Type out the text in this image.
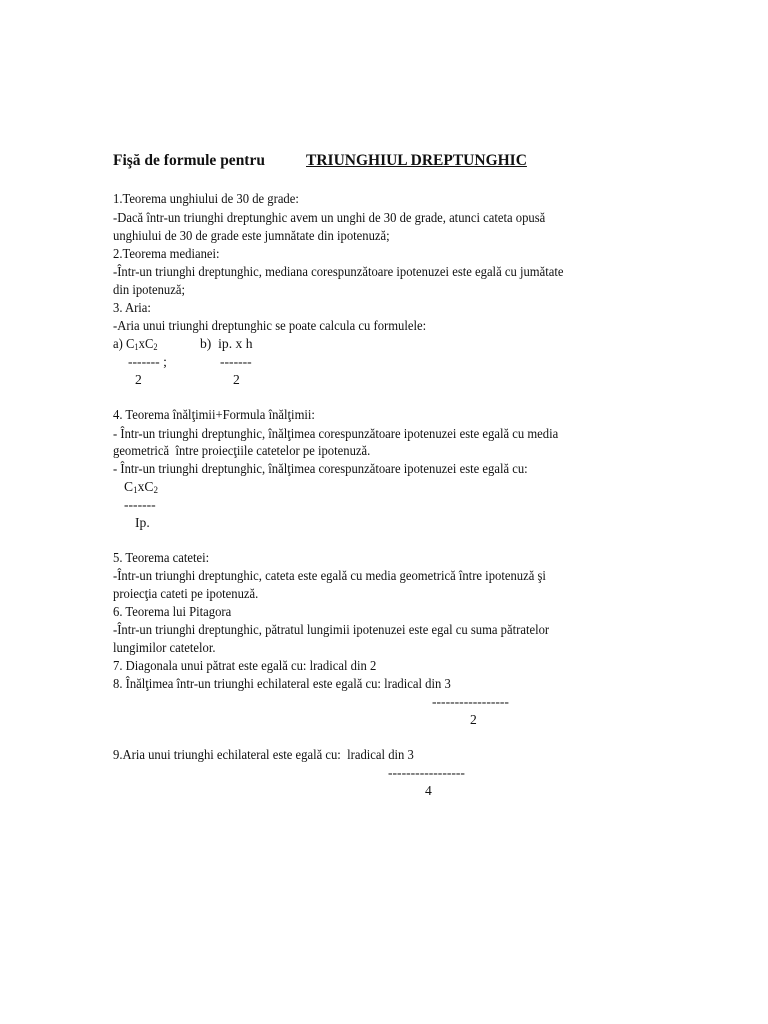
Fişă de formule pentru	TRIUNGHIUL DREPTUNGHIC
1.Teorema unghiului de 30 de grade:
-Dacă într-un triunghi dreptunghic avem un unghi de 30 de grade, atunci cateta opusă
unghiului de 30 de grade este jumnătate din ipotenuză;
2.Teorema medianei:
-Într-un triunghi dreptunghic, mediana corespunzătoare ipotenuzei este egală cu jumătate
din ipotenuză;
3. Aria:
-Aria unui triunghi dreptunghic se poate calcula cu formulele:
a) $C_1xC_2$	b) ip. x h
------- ;	-------
2	2
4. Teorema înălţimii+Formula înălţimii:
- Într-un triunghi dreptunghic, înălţimea corespunzătoare ipotenuzei este egală cu media
geometrică  între proiecţiile catetelor pe ipotenuză.
- Într-un triunghi dreptunghic, înălţimea corespunzătoare ipotenuzei este egală cu:
$C_1xC_2$
-------
Ip.
5. Teorema catetei:
-Într-un triunghi dreptunghic, cateta este egală cu media geometrică între ipotenuză şi
proiecţia cateti pe ipotenuză.
6. Teorema lui Pitagora
-Într-un triunghi dreptunghic, pătratul lungimii ipotenuzei este egal cu suma pătratelor
lungimilor catetelor.
7. Diagonala unui pătrat este egală cu: lradical din 2
8. Înălţimea într-un triunghi echilateral este egală cu: lradical din 3
-----------------
2
9.Aria unui triunghi echilateral este egală cu:  lradical din 3
-----------------
4
